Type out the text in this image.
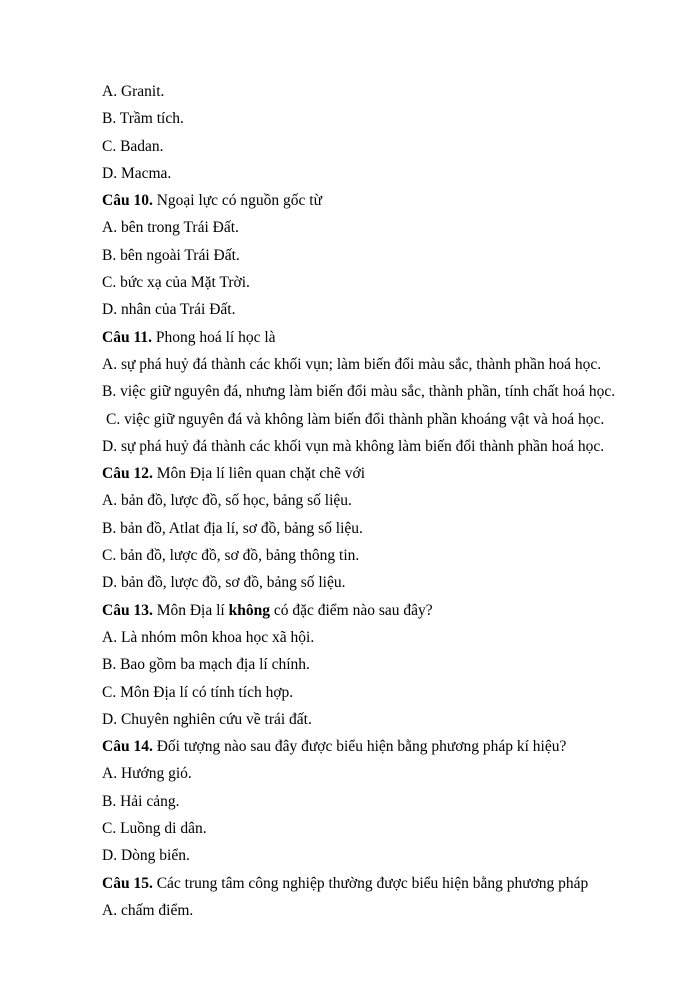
A. Granit.
B. Trầm tích.
C. Badan.
D. Macma.
Câu 10. Ngoại lực có nguồn gốc từ
A. bên trong Trái Đất.
B. bên ngoài Trái Đất.
C. bức xạ của Mặt Trời.
D. nhân của Trái Đất.
Câu 11. Phong hoá lí học là
A. sự phá huỷ đá thành các khối vụn; làm biến đổi màu sắc, thành phần hoá học.
B. việc giữ nguyên đá, nhưng làm biến đổi màu sắc, thành phần, tính chất hoá học.
C. việc giữ nguyên đá và không làm biến đổi thành phần khoáng vật và hoá học.
D. sự phá huỷ đá thành các khối vụn mà không làm biến đổi thành phần hoá học.
Câu 12. Môn Địa lí liên quan chặt chẽ với
A. bản đồ, lược đồ, số học, bảng số liệu.
B. bản đồ, Atlat địa lí, sơ đồ, bảng số liệu.
C. bản đồ, lược đồ, sơ đồ, bảng thông tin.
D. bản đồ, lược đồ, sơ đồ, bảng số liệu.
Câu 13. Môn Địa lí không có đặc điểm nào sau đây?
A. Là nhóm môn khoa học xã hội.
B. Bao gồm ba mạch địa lí chính.
C. Môn Địa lí có tính tích hợp.
D. Chuyên nghiên cứu về trái đất.
Câu 14. Đối tượng nào sau đây được biểu hiện bằng phương pháp kí hiệu?
A. Hướng gió.
B. Hải cảng.
C. Luồng di dân.
D. Dòng biển.
Câu 15. Các trung tâm công nghiệp thường được biểu hiện bằng phương pháp
A. chấm điểm.
